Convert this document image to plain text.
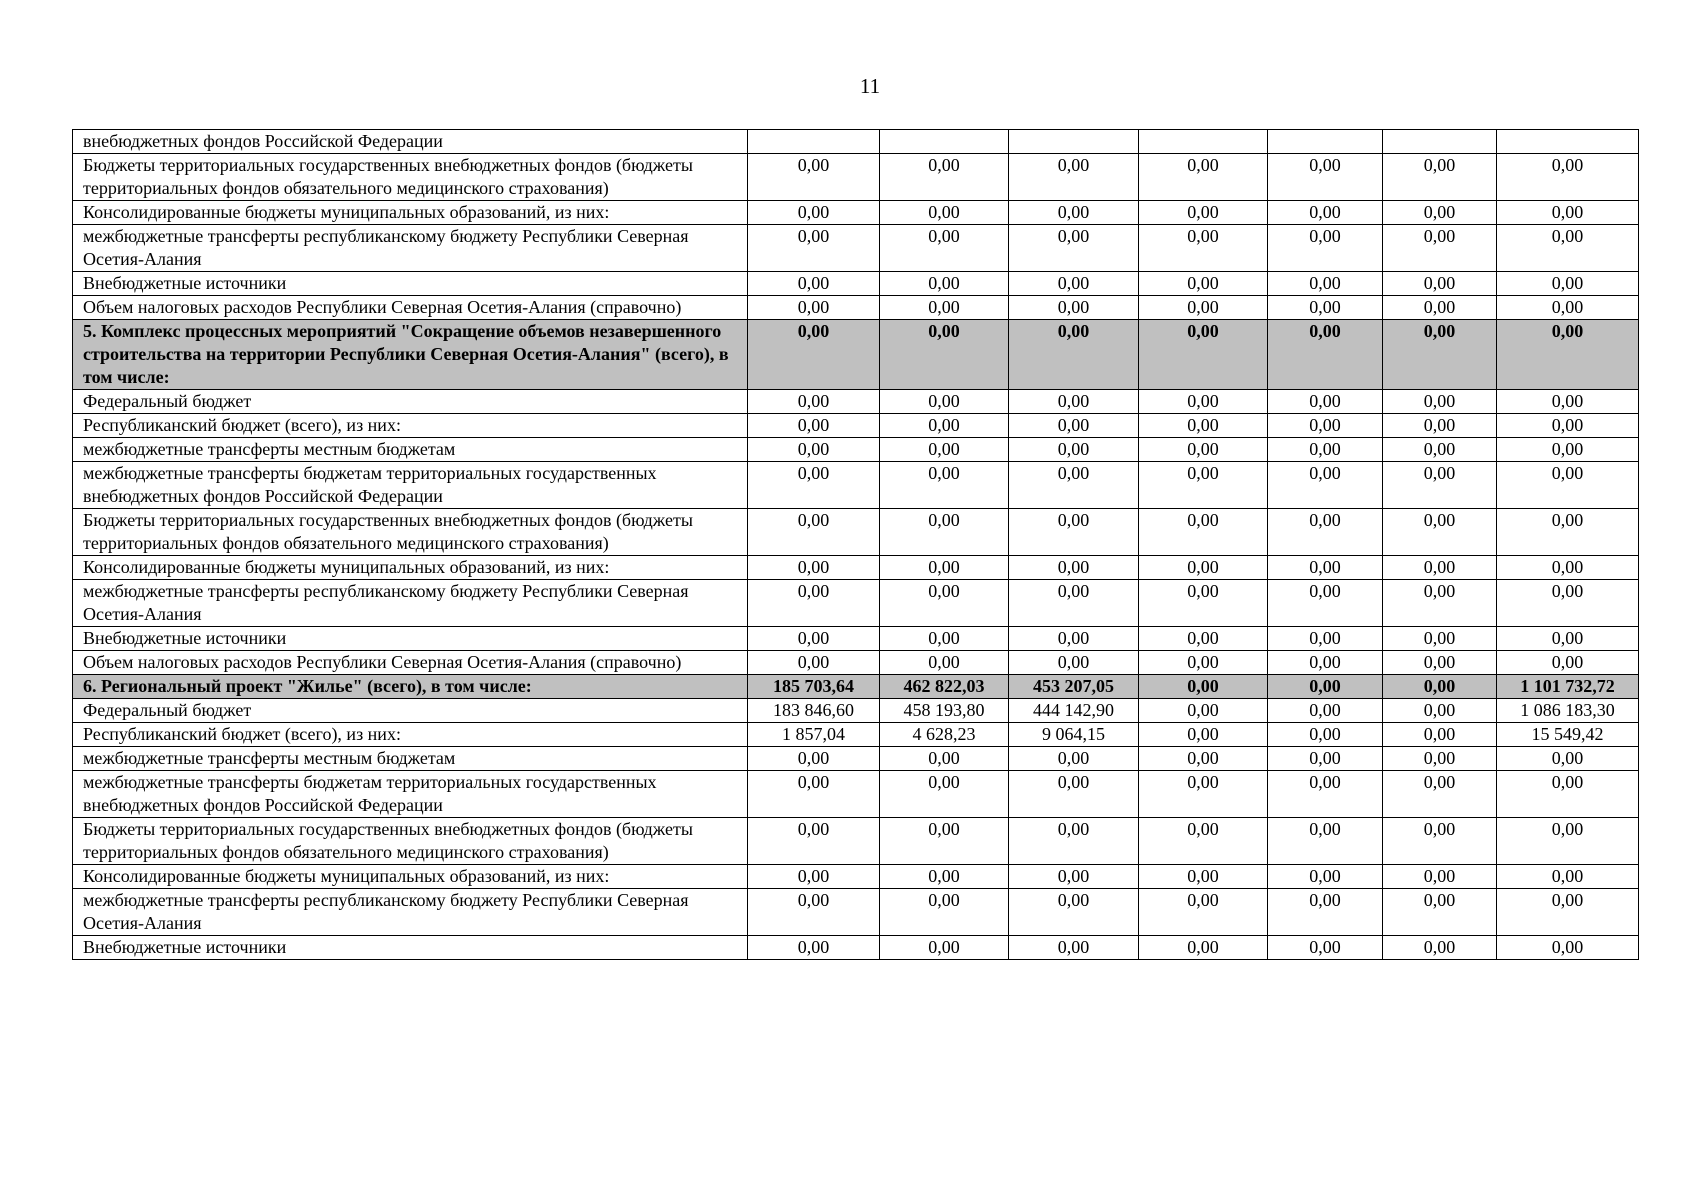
11
внебюджетных фондов Российской Федерации							
Бюджеты территориальных государственных внебюджетных фондов (бюджеты территориальных фондов обязательного медицинского страхования)	0,00	0,00	0,00	0,00	0,00	0,00	0,00
Консолидированные бюджеты муниципальных образований, из них:	0,00	0,00	0,00	0,00	0,00	0,00	0,00
межбюджетные трансферты республиканскому бюджету Республики Северная Осетия-Алания	0,00	0,00	0,00	0,00	0,00	0,00	0,00
Внебюджетные источники	0,00	0,00	0,00	0,00	0,00	0,00	0,00
Объем налоговых расходов Республики Северная Осетия-Алания (справочно)	0,00	0,00	0,00	0,00	0,00	0,00	0,00
5. Комплекс процессных мероприятий "Сокращение объемов незавершенного строительства на территории Республики Северная Осетия-Алания" (всего), в том числе:	0,00	0,00	0,00	0,00	0,00	0,00	0,00
Федеральный бюджет	0,00	0,00	0,00	0,00	0,00	0,00	0,00
Республиканский бюджет (всего), из них:	0,00	0,00	0,00	0,00	0,00	0,00	0,00
межбюджетные трансферты местным бюджетам	0,00	0,00	0,00	0,00	0,00	0,00	0,00
межбюджетные трансферты бюджетам территориальных государственных внебюджетных фондов Российской Федерации	0,00	0,00	0,00	0,00	0,00	0,00	0,00
Бюджеты территориальных государственных внебюджетных фондов (бюджеты территориальных фондов обязательного медицинского страхования)	0,00	0,00	0,00	0,00	0,00	0,00	0,00
Консолидированные бюджеты муниципальных образований, из них:	0,00	0,00	0,00	0,00	0,00	0,00	0,00
межбюджетные трансферты республиканскому бюджету Республики Северная Осетия-Алания	0,00	0,00	0,00	0,00	0,00	0,00	0,00
Внебюджетные источники	0,00	0,00	0,00	0,00	0,00	0,00	0,00
Объем налоговых расходов Республики Северная Осетия-Алания (справочно)	0,00	0,00	0,00	0,00	0,00	0,00	0,00
6. Региональный проект "Жилье" (всего), в том числе:	185 703,64	462 822,03	453 207,05	0,00	0,00	0,00	1 101 732,72
Федеральный бюджет	183 846,60	458 193,80	444 142,90	0,00	0,00	0,00	1 086 183,30
Республиканский бюджет (всего), из них:	1 857,04	4 628,23	9 064,15	0,00	0,00	0,00	15 549,42
межбюджетные трансферты местным бюджетам	0,00	0,00	0,00	0,00	0,00	0,00	0,00
межбюджетные трансферты бюджетам территориальных государственных внебюджетных фондов Российской Федерации	0,00	0,00	0,00	0,00	0,00	0,00	0,00
Бюджеты территориальных государственных внебюджетных фондов (бюджеты территориальных фондов обязательного медицинского страхования)	0,00	0,00	0,00	0,00	0,00	0,00	0,00
Консолидированные бюджеты муниципальных образований, из них:	0,00	0,00	0,00	0,00	0,00	0,00	0,00
межбюджетные трансферты республиканскому бюджету Республики Северная Осетия-Алания	0,00	0,00	0,00	0,00	0,00	0,00	0,00
Внебюджетные источники	0,00	0,00	0,00	0,00	0,00	0,00	0,00
